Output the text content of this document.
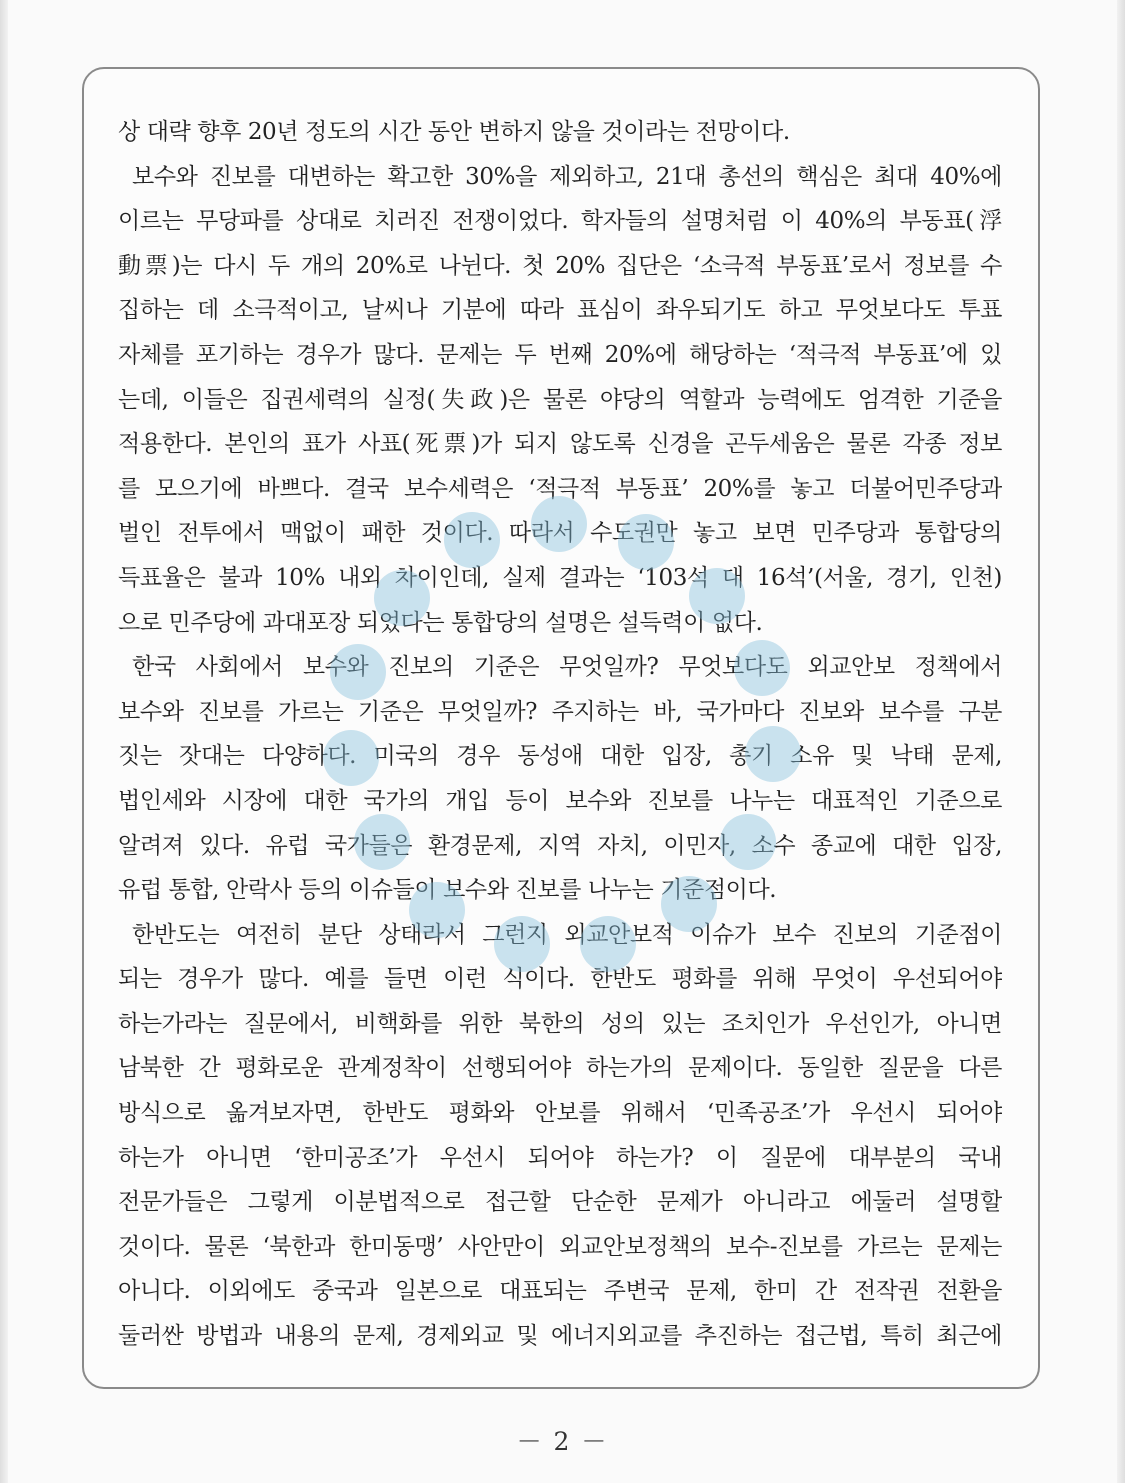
상 대략 향후 20년 정도의 시간 동안 변하지 않을 것이라는 전망이다.
보수와 진보를 대변하는 확고한 30%을 제외하고, 21대 총선의 핵심은 최대 40%에
이르는 무당파를 상대로 치러진 전쟁이었다. 학자들의 설명처럼 이 40%의 부동표(浮
動票)는 다시 두 개의 20%로 나뉜다. 첫 20% 집단은 ‘소극적 부동표’로서 정보를 수
집하는 데 소극적이고, 날씨나 기분에 따라 표심이 좌우되기도 하고 무엇보다도 투표
자체를 포기하는 경우가 많다. 문제는 두 번째 20%에 해당하는 ‘적극적 부동표’에 있
는데, 이들은 집권세력의 실정(失政)은 물론 야당의 역할과 능력에도 엄격한 기준을
적용한다. 본인의 표가 사표(死票)가 되지 않도록 신경을 곤두세움은 물론 각종 정보
를 모으기에 바쁘다. 결국 보수세력은 ‘적극적 부동표’ 20%를 놓고 더불어민주당과
벌인 전투에서 맥없이 패한 것이다. 따라서 수도권만 놓고 보면 민주당과 통합당의
득표율은 불과 10% 내외 차이인데, 실제 결과는 ‘103석 대 16석’(서울, 경기, 인천)
으로 민주당에 과대포장 되었다는 통합당의 설명은 설득력이 없다.
한국 사회에서 보수와 진보의 기준은 무엇일까? 무엇보다도 외교안보 정책에서
보수와 진보를 가르는 기준은 무엇일까? 주지하는 바, 국가마다 진보와 보수를 구분
짓는 잣대는 다양하다. 미국의 경우 동성애 대한 입장, 총기 소유 및 낙태 문제,
법인세와 시장에 대한 국가의 개입 등이 보수와 진보를 나누는 대표적인 기준으로
알려져 있다. 유럽 국가들은 환경문제, 지역 자치, 이민자, 소수 종교에 대한 입장,
유럽 통합, 안락사 등의 이슈들이 보수와 진보를 나누는 기준점이다.
한반도는 여전히 분단 상태라서 그런지 외교안보적 이슈가 보수 진보의 기준점이
되는 경우가 많다. 예를 들면 이런 식이다. 한반도 평화를 위해 무엇이 우선되어야
하는가라는 질문에서, 비핵화를 위한 북한의 성의 있는 조치인가 우선인가, 아니면
남북한 간 평화로운 관계정착이 선행되어야 하는가의 문제이다. 동일한 질문을 다른
방식으로 옮겨보자면, 한반도 평화와 안보를 위해서 ‘민족공조’가 우선시 되어야
하는가 아니면 ‘한미공조’가 우선시 되어야 하는가? 이 질문에 대부분의 국내
전문가들은 그렇게 이분법적으로 접근할 단순한 문제가 아니라고 에둘러 설명할
것이다. 물론 ‘북한과 한미동맹’ 사안만이 외교안보정책의 보수-진보를 가르는 문제는
아니다. 이외에도 중국과 일본으로 대표되는 주변국 문제, 한미 간 전작권 전환을
둘러싼 방법과 내용의 문제, 경제외교 및 에너지외교를 추진하는 접근법, 특히 최근에
－ 2 －
